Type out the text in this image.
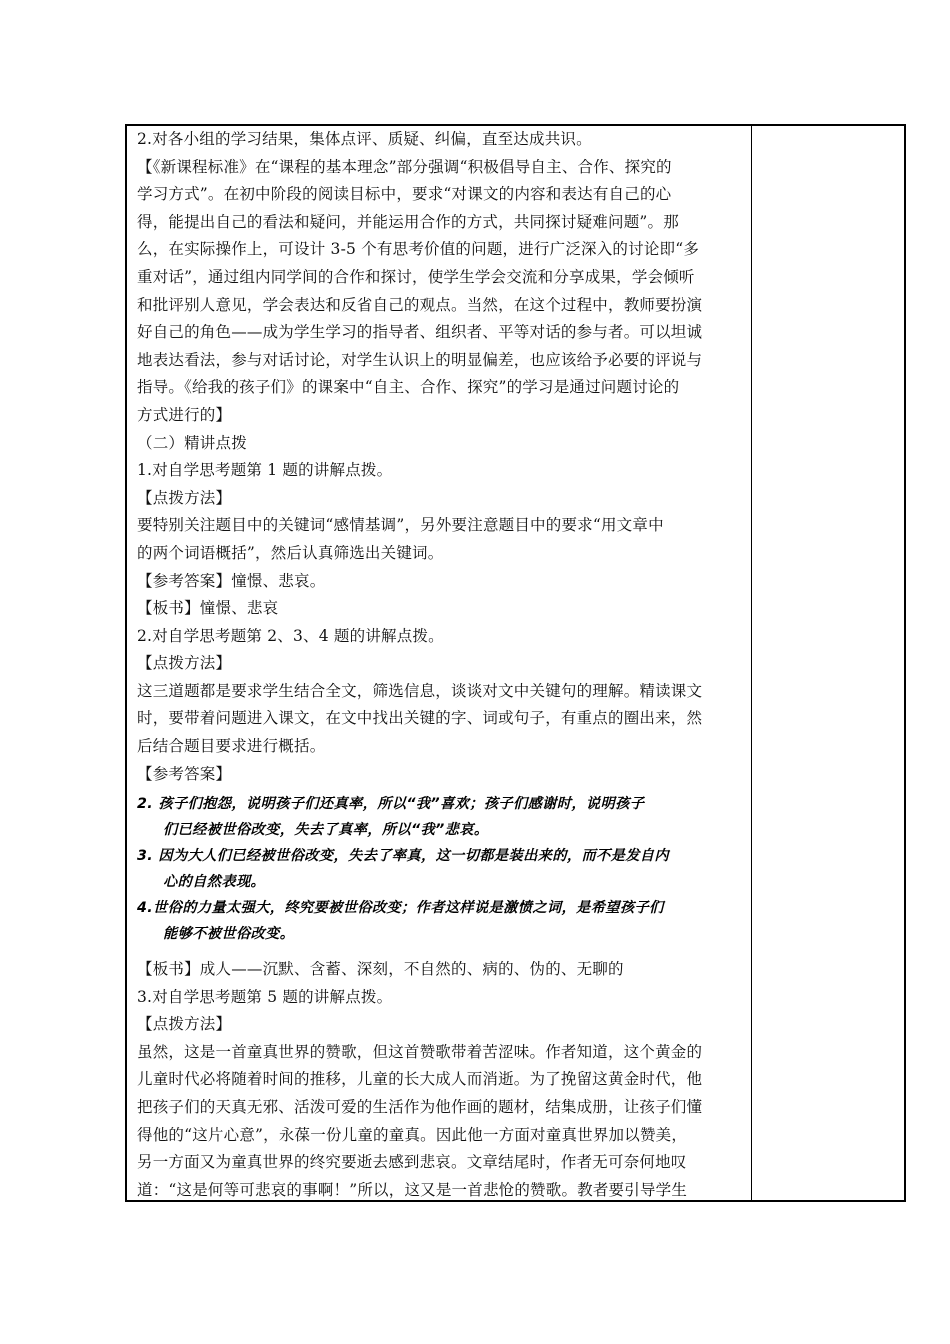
2.对各小组的学习结果，集体点评、质疑、纠偏，直至达成共识。

【《新课程标准》在“课程的基本理念”部分强调“积极倡导自主、合作、探究的

学习方式”。在初中阶段的阅读目标中，要求“对课文的内容和表达有自己的心

得，能提出自己的看法和疑问，并能运用合作的方式，共同探讨疑难问题”。那

么，在实际操作上，可设计 3-5 个有思考价值的问题，进行广泛深入的讨论即“多

重对话”，通过组内同学间的合作和探讨，使学生学会交流和分享成果，学会倾听

和批评别人意见，学会表达和反省自己的观点。当然，在这个过程中，教师要扮演

好自己的角色——成为学生学习的指导者、组织者、平等对话的参与者。可以坦诚

地表达看法，参与对话讨论，对学生认识上的明显偏差，也应该给予必要的评说与

指导。《给我的孩子们》的课案中“自主、合作、探究”的学习是通过问题讨论的

方式进行的】

（二）精讲点拨

1.对自学思考题第 1 题的讲解点拨。

【点拨方法】

要特别关注题目中的关键词“感情基调”，另外要注意题目中的要求“用文章中

的两个词语概括”，然后认真筛选出关键词。

【参考答案】憧憬、悲哀。

【板书】憧憬、悲哀

2.对自学思考题第 2、3、4 题的讲解点拨。

【点拨方法】

这三道题都是要求学生结合全文，筛选信息，谈谈对文中关键句的理解。精读课文

时，要带着问题进入课文，在文中找出关键的字、词或句子，有重点的圈出来，然

后结合题目要求进行概括。

【参考答案】

2. 孩子们抱怨，说明孩子们还真率，所以“我”喜欢；孩子们感谢时，说明孩子

们已经被世俗改变，失去了真率，所以“我”悲哀。

3. 因为大人们已经被世俗改变，失去了率真，这一切都是装出来的，而不是发自内

心的自然表现。

4.世俗的力量太强大，终究要被世俗改变；作者这样说是激愤之词，是希望孩子们

能够不被世俗改变。

【板书】成人——沉默、含蓄、深刻，不自然的、病的、伪的、无聊的

3.对自学思考题第 5 题的讲解点拨。

【点拨方法】

虽然，这是一首童真世界的赞歌，但这首赞歌带着苦涩味。作者知道，这个黄金的

儿童时代必将随着时间的推移，儿童的长大成人而消逝。为了挽留这黄金时代，他

把孩子们的天真无邪、活泼可爱的生活作为他作画的题材，结集成册，让孩子们懂

得他的“这片心意”，永葆一份儿童的童真。因此他一方面对童真世界加以赞美，

另一方面又为童真世界的终究要逝去感到悲哀。文章结尾时，作者无可奈何地叹

道：“这是何等可悲哀的事啊！”所以，这又是一首悲怆的赞歌。教者要引导学生
